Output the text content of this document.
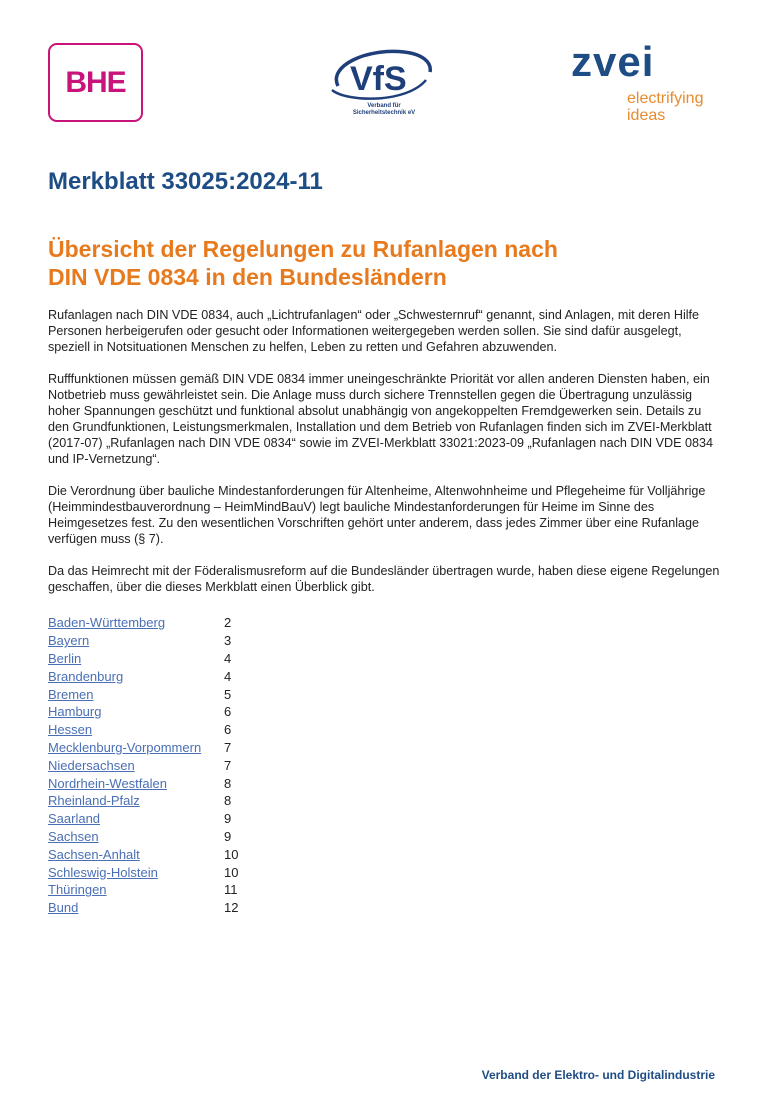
BHE	VfS
Verband für
Sicherheitstechnik eV
zvei
electrifying
ideas
Merkblatt 33025:2024-11
Übersicht der Regelungen zu Rufanlagen nach
DIN VDE 0834 in den Bundesländern

Rufanlagen nach DIN VDE 0834, auch „Lichtrufanlagen“ oder „Schwesternruf“ genannt, sind Anlagen, mit deren Hilfe Personen herbeigerufen oder gesucht oder Informationen weitergegeben werden sollen. Sie sind dafür ausgelegt, speziell in Notsituationen Menschen zu helfen, Leben zu retten und Gefahren abzuwenden.

Rufffunktionen müssen gemäß DIN VDE 0834 immer uneingeschränkte Priorität vor allen anderen Diensten haben, ein Notbetrieb muss gewährleistet sein. Die Anlage muss durch sichere Trennstellen gegen die Übertragung unzulässig hoher Spannungen geschützt und funktional absolut unabhängig von angekoppelten Fremdgewerken sein. Details zu den Grundfunktionen, Leistungsmerkmalen, Installation und dem Betrieb von Rufanlagen finden sich im ZVEI-Merkblatt (2017-07) „Rufanlagen nach DIN VDE 0834“ sowie im ZVEI-Merkblatt 33021:2023-09 „Rufanlagen nach DIN VDE 0834 und IP-Vernetzung“.

Die Verordnung über bauliche Mindestanforderungen für Altenheime, Altenwohnheime und Pflegeheime für Volljährige (Heimmindestbauverordnung – HeimMindBauV) legt bauliche Mindestanforderungen für Heime im Sinne des Heimgesetzes fest. Zu den wesentlichen Vorschriften gehört unter anderem, dass jedes Zimmer über eine Rufanlage verfügen muss (§ 7).

Da das Heimrecht mit der Föderalismusreform auf die Bundesländer übertragen wurde, haben diese eigene Regelungen geschaffen, über die dieses Merkblatt einen Überblick gibt.

Baden-Württemberg	2
Bayern	3
Berlin	4
Brandenburg	4
Bremen	5
Hamburg	6
Hessen	6
Mecklenburg-Vorpommern	7
Niedersachsen	7
Nordrhein-Westfalen	8
Rheinland-Pfalz	8
Saarland	9
Sachsen	9
Sachsen-Anhalt	10
Schleswig-Holstein	10
Thüringen	11
Bund	12
Verband der Elektro- und Digitalindustrie
